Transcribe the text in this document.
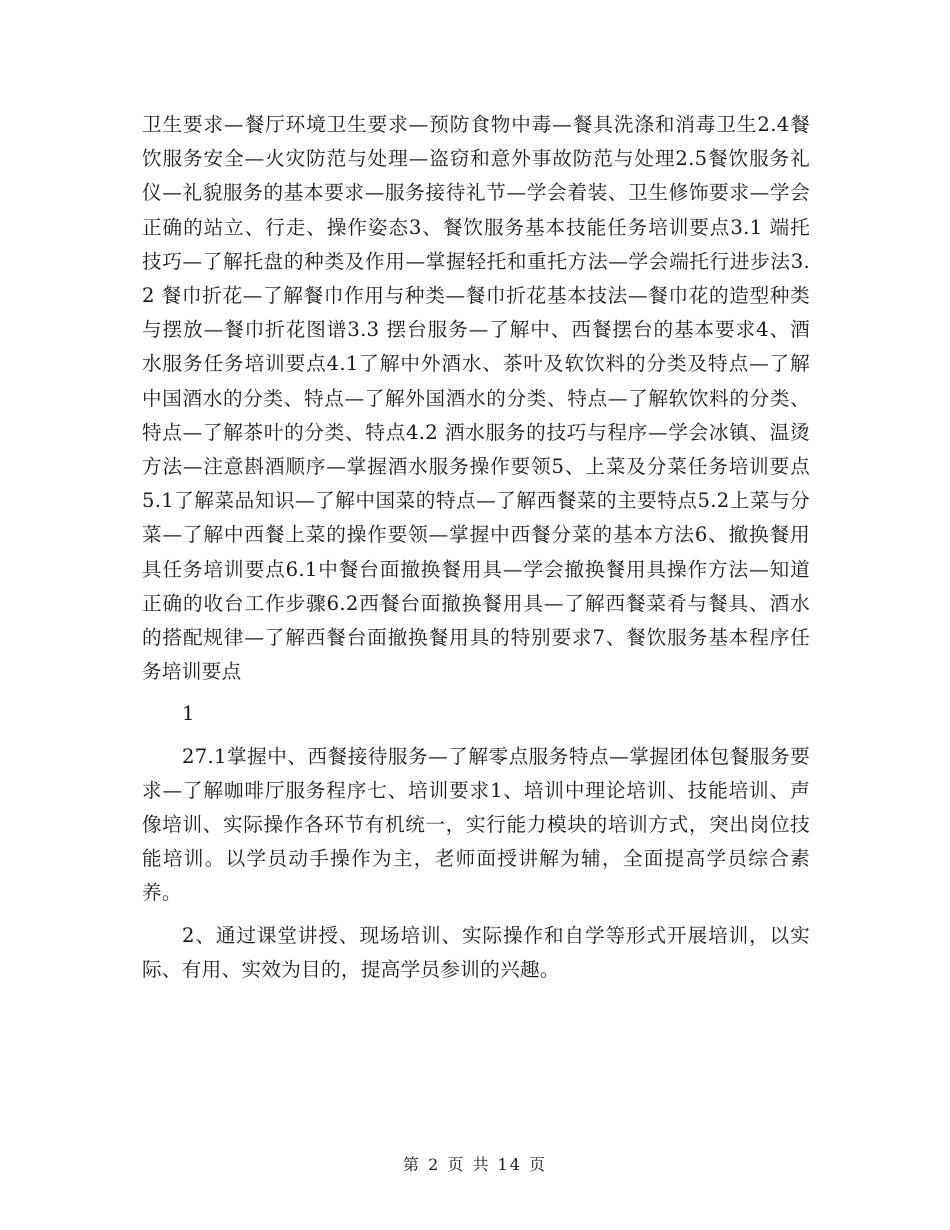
卫生要求—餐厅环境卫生要求—预防食物中毒—餐具洗涤和消毒卫生2.4餐饮服务安全—火灾防范与处理—盗窃和意外事故防范与处理2.5餐饮服务礼仪—礼貌服务的基本要求—服务接待礼节—学会着装、卫生修饰要求—学会正确的站立、行走、操作姿态3、餐饮服务基本技能任务培训要点3.1 端托技巧—了解托盘的种类及作用—掌握轻托和重托方法—学会端托行进步法3.2 餐巾折花—了解餐巾作用与种类—餐巾折花基本技法—餐巾花的造型种类与摆放—餐巾折花图谱3.3 摆台服务—了解中、西餐摆台的基本要求4、酒水服务任务培训要点4.1了解中外酒水、茶叶及软饮料的分类及特点—了解中国酒水的分类、特点—了解外国酒水的分类、特点—了解软饮料的分类、特点—了解茶叶的分类、特点4.2 酒水服务的技巧与程序—学会冰镇、温烫方法—注意斟酒顺序—掌握酒水服务操作要领5、上菜及分菜任务培训要点5.1了解菜品知识—了解中国菜的特点—了解西餐菜的主要特点5.2上菜与分菜—了解中西餐上菜的操作要领—掌握中西餐分菜的基本方法6、撤换餐用具任务培训要点6.1中餐台面撤换餐用具—学会撤换餐用具操作方法—知道正确的收台工作步骤6.2西餐台面撤换餐用具—了解西餐菜肴与餐具、酒水的搭配规律—了解西餐台面撤换餐用具的特别要求7、餐饮服务基本程序任务培训要点

1

27.1掌握中、西餐接待服务—了解零点服务特点—掌握团体包餐服务要求—了解咖啡厅服务程序七、培训要求1、培训中理论培训、技能培训、声像培训、实际操作各环节有机统一，实行能力模块的培训方式，突出岗位技能培训。以学员动手操作为主，老师面授讲解为辅，全面提高学员综合素养。

2、通过课堂讲授、现场培训、实际操作和自学等形式开展培训，以实际、有用、实效为目的，提高学员参训的兴趣。

第 2 页 共 14 页
